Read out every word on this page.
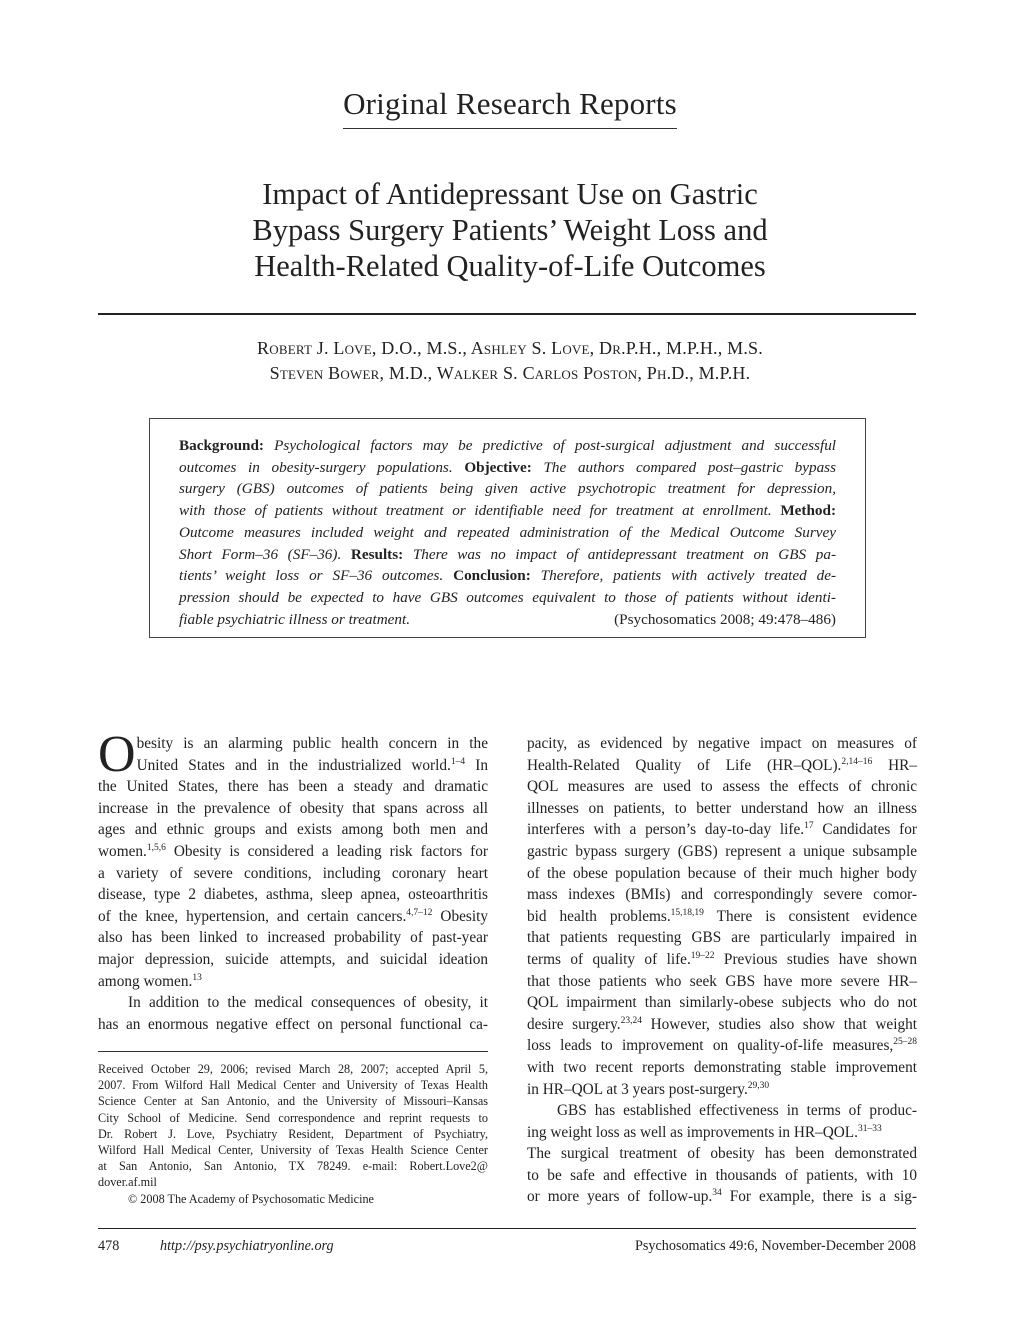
Original Research Reports
Impact of Antidepressant Use on Gastric
Bypass Surgery Patients’ Weight Loss and
Health-Related Quality-of-Life Outcomes
Robert J. Love, D.O., M.S., Ashley S. Love, Dr.P.H., M.P.H., M.S.
Steven Bower, M.D., Walker S. Carlos Poston, Ph.D., M.P.H.
Background: Psychological factors may be predictive of post-surgical adjustment and successful
outcomes in obesity-surgery populations. Objective: The authors compared post–gastric bypass
surgery (GBS) outcomes of patients being given active psychotropic treatment for depression,
with those of patients without treatment or identifiable need for treatment at enrollment. Method:
Outcome measures included weight and repeated administration of the Medical Outcome Survey
Short Form–36 (SF–36). Results: There was no impact of antidepressant treatment on GBS pa-
tients’ weight loss or SF–36 outcomes. Conclusion: Therefore, patients with actively treated de-
pression should be expected to have GBS outcomes equivalent to those of patients without identi-
fiable psychiatric illness or treatment.	(Psychosomatics 2008; 49:478–486)
O besity is an alarming public health concern in the
United States and in the industrialized world.$^{1-4}$ In
the United States, there has been a steady and dramatic
increase in the prevalence of obesity that spans across all
ages and ethnic groups and exists among both men and
women.$^{1,5,6}$ Obesity is considered a leading risk factors for
a variety of severe conditions, including coronary heart
disease, type 2 diabetes, asthma, sleep apnea, osteoarthritis
of the knee, hypertension, and certain cancers.$^{4,7-12}$ Obesity
also has been linked to increased probability of past-year
major depression, suicide attempts, and suicidal ideation
among women.$^{13}$
In addition to the medical consequences of obesity, it
has an enormous negative effect on personal functional ca-
Received October 29, 2006; revised March 28, 2007; accepted April 5,
2007. From Wilford Hall Medical Center and University of Texas Health
Science Center at San Antonio, and the University of Missouri–Kansas
City School of Medicine. Send correspondence and reprint requests to
Dr. Robert J. Love, Psychiatry Resident, Department of Psychiatry,
Wilford Hall Medical Center, University of Texas Health Science Center
at San Antonio, San Antonio, TX 78249. e-mail: Robert.Love2@
dover.af.mil
© 2008 The Academy of Psychosomatic Medicine
pacity, as evidenced by negative impact on measures of
Health-Related Quality of Life (HR–QOL).$^{2,14-16}$ HR–
QOL measures are used to assess the effects of chronic
illnesses on patients, to better understand how an illness
interferes with a person’s day-to-day life.$^{17}$ Candidates for
gastric bypass surgery (GBS) represent a unique subsample
of the obese population because of their much higher body
mass indexes (BMIs) and correspondingly severe comor-
bid health problems.$^{15,18,19}$ There is consistent evidence
that patients requesting GBS are particularly impaired in
terms of quality of life.$^{19-22}$ Previous studies have shown
that those patients who seek GBS have more severe HR–
QOL impairment than similarly-obese subjects who do not
desire surgery.$^{23,24}$ However, studies also show that weight
loss leads to improvement on quality-of-life measures,$^{25-28}$
with two recent reports demonstrating stable improvement
in HR–QOL at 3 years post-surgery.$^{29,30}$
GBS has established effectiveness in terms of produc-
ing weight loss as well as improvements in HR–QOL.$^{31-33}$
The surgical treatment of obesity has been demonstrated
to be safe and effective in thousands of patients, with 10
or more years of follow-up.$^{34}$ For example, there is a sig-
478	http://psy.psychiatryonline.org	Psychosomatics 49:6, November-December 2008
